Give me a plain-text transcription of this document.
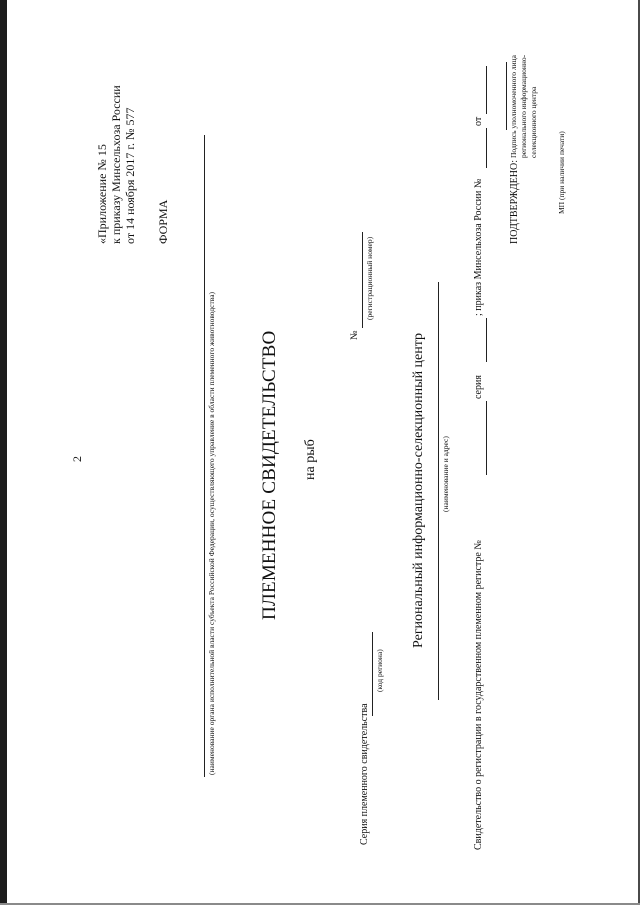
2
«Приложение № 15 к приказу Минсельхоза России от 14 ноября 2017 г. № 577 ФОРМА
(наименование органа исполнительной власти субъекта Российской Федерации, осуществляющего управление в области племенного животноводства) ПЛЕМЕННОЕ СВИДЕТЕЛЬСТВО на рыб
№
(регистрационный номер)
Серия племенного свидетельства
(код региона)
Региональный информационно-селекционный центр (наименование и адрес)
Свидетельство о регистрации в государственном племенном регистре №
серия
; приказ Минсельхоза России №
от
ПОДТВЕРЖДЕНО:
Подпись уполномоченного лица регионального информационно- селекционного центра
МП (при наличии печати)
